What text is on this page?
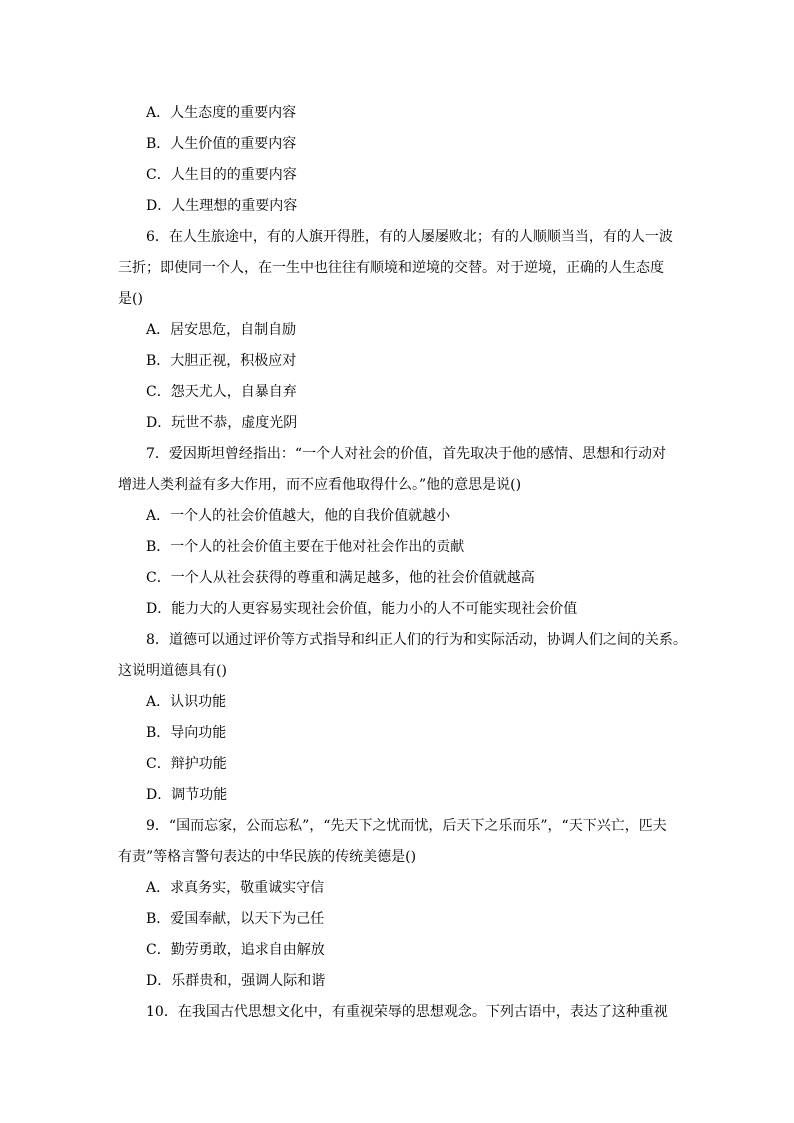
A．人生态度的重要内容
B．人生价值的重要内容
C．人生目的的重要内容
D．人生理想的重要内容
6．在人生旅途中，有的人旗开得胜，有的人屡屡败北；有的人顺顺当当，有的人一波
三折；即使同一个人，在一生中也往往有顺境和逆境的交替。对于逆境，正确的人生态度
是()
A．居安思危，自制自励
B．大胆正视，积极应对
C．怨天尤人，自暴自弃
D．玩世不恭，虚度光阴
7．爱因斯坦曾经指出：“一个人对社会的价值，首先取决于他的感情、思想和行动对
增进人类利益有多大作用，而不应看他取得什么。”他的意思是说()
A．一个人的社会价值越大，他的自我价值就越小
B．一个人的社会价值主要在于他对社会作出的贡献
C．一个人从社会获得的尊重和满足越多，他的社会价值就越高
D．能力大的人更容易实现社会价值，能力小的人不可能实现社会价值
8．道德可以通过评价等方式指导和纠正人们的行为和实际活动，协调人们之间的关系。
这说明道德具有()
A．认识功能
B．导向功能
C．辩护功能
D．调节功能
9．“国而忘家，公而忘私”，“先天下之忧而忧，后天下之乐而乐”，“天下兴亡，匹夫
有责”等格言警句表达的中华民族的传统美德是()
A．求真务实，敬重诚实守信
B．爱国奉献，以天下为己任
C．勤劳勇敢，追求自由解放
D．乐群贵和，强调人际和谐
10．在我国古代思想文化中，有重视荣辱的思想观念。下列古语中，表达了这种重视
